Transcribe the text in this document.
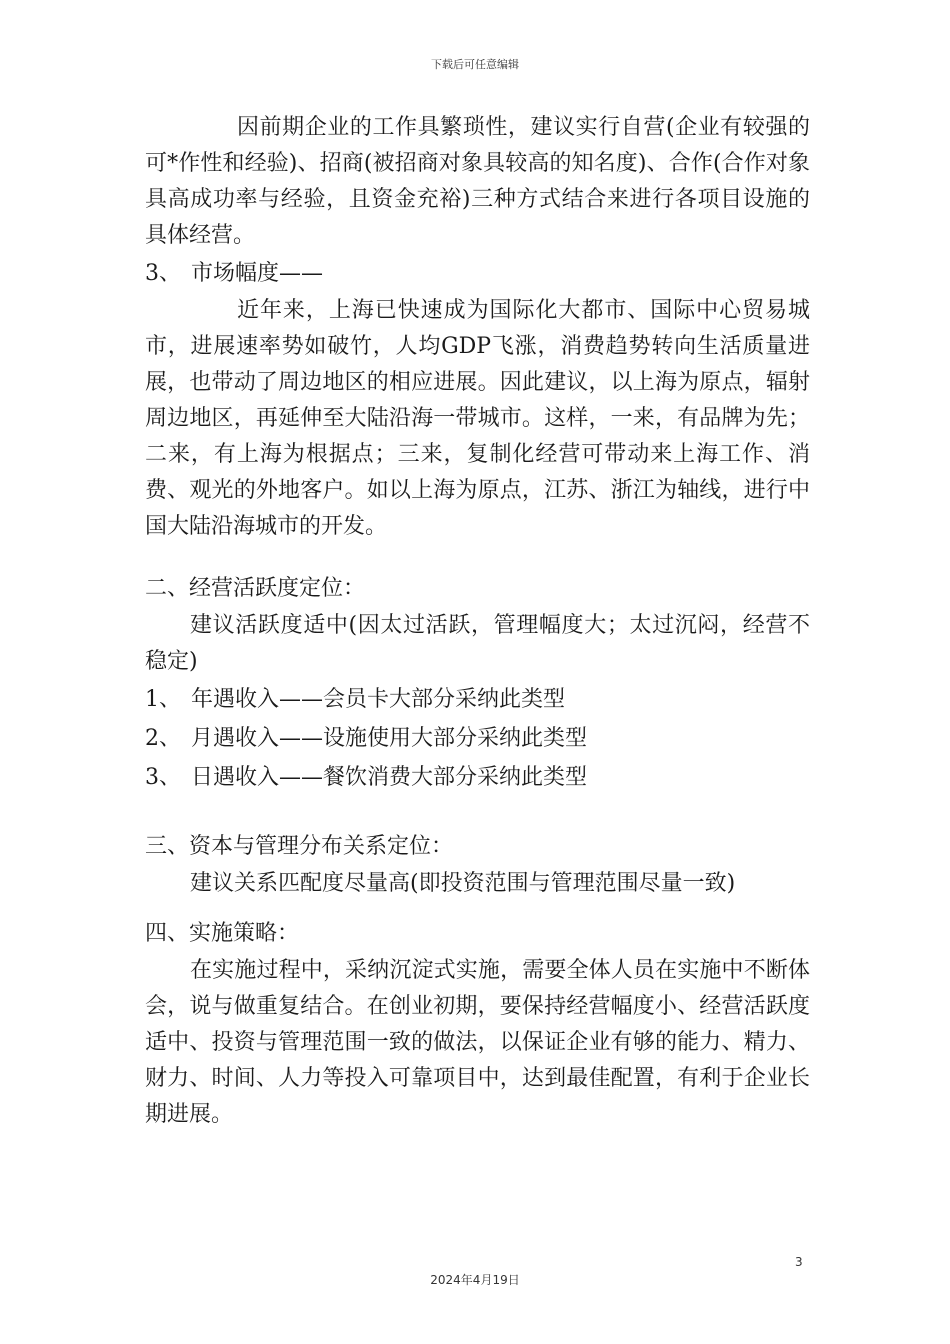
下载后可任意编辑

因前期企业的工作具繁琐性，建议实行自营(企业有较强的可*作性和经验)、招商(被招商对象具较高的知名度)、合作(合作对象具高成功率与经验，且资金充裕)三种方式结合来进行各项目设施的具体经营。

3、 市场幅度——

近年来，上海已快速成为国际化大都市、国际中心贸易城市，进展速率势如破竹，人均GDP飞涨，消费趋势转向生活质量进展，也带动了周边地区的相应进展。因此建议，以上海为原点，辐射周边地区，再延伸至大陆沿海一带城市。这样，一来，有品牌为先；二来，有上海为根据点；三来，复制化经营可带动来上海工作、消费、观光的外地客户。如以上海为原点，江苏、浙江为轴线，进行中国大陆沿海城市的开发。

二、经营活跃度定位：

建议活跃度适中(因太过活跃，管理幅度大；太过沉闷，经营不稳定)

1、 年遇收入——会员卡大部分采纳此类型
2、 月遇收入——设施使用大部分采纳此类型
3、 日遇收入——餐饮消费大部分采纳此类型

三、资本与管理分布关系定位：

建议关系匹配度尽量高(即投资范围与管理范围尽量一致)

四、实施策略：

在实施过程中，采纳沉淀式实施，需要全体人员在实施中不断体会，说与做重复结合。在创业初期，要保持经营幅度小、经营活跃度适中、投资与管理范围一致的做法，以保证企业有够的能力、精力、财力、时间、人力等投入可靠项目中，达到最佳配置，有利于企业长期进展。

3
2024年4月19日
